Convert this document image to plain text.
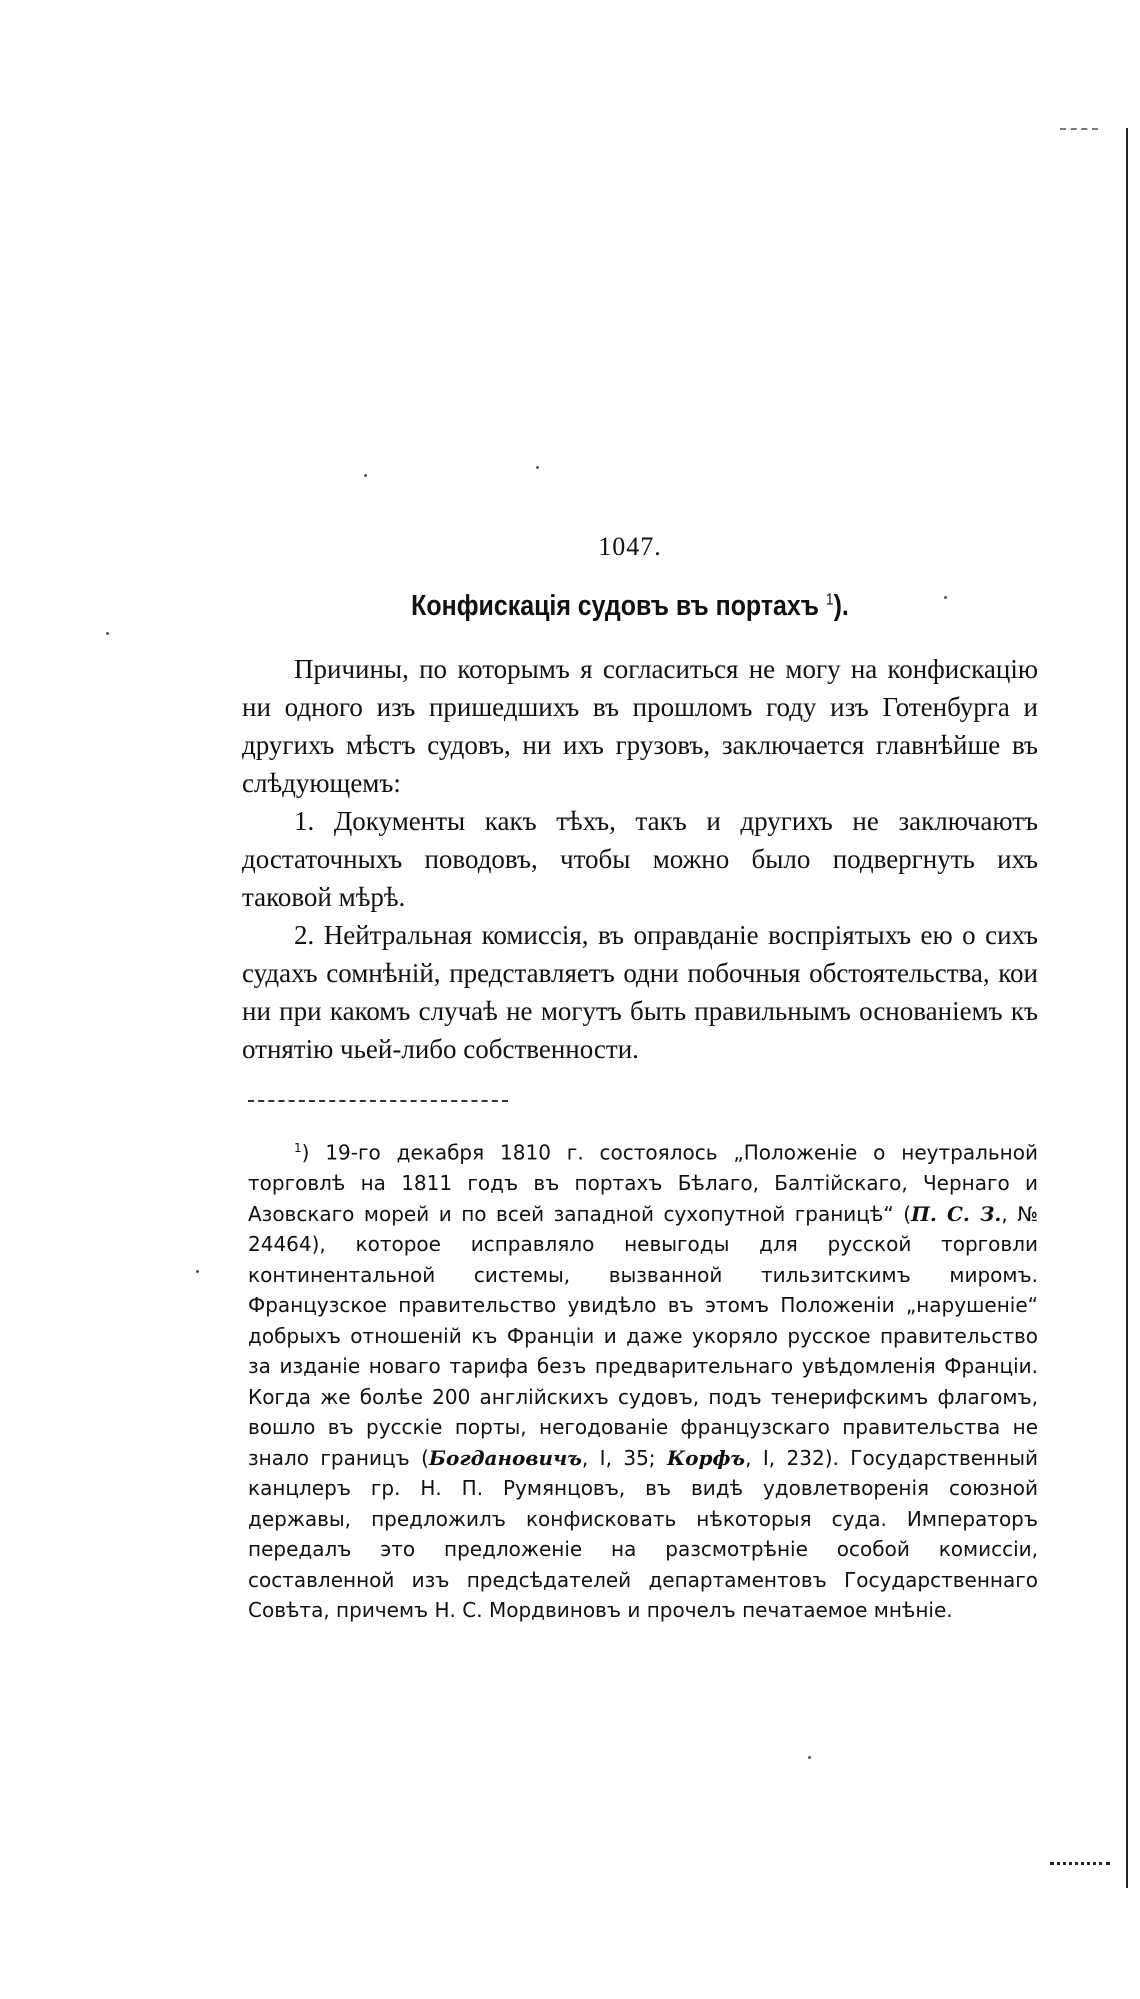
1047.
Конфискація судовъ въ портахъ $^1$).

Причины, по которымъ я согласиться не могу на конфискацію ни одного изъ пришедшихъ въ прошломъ году изъ Готенбурга и другихъ мѣстъ судовъ, ни ихъ грузовъ, заключается главнѣйше въ слѣдующемъ:

1. Документы какъ тѣхъ, такъ и другихъ не заключаютъ достаточныхъ поводовъ, чтобы можно было подвергнуть ихъ таковой мѣрѣ.

2. Нейтральная комиссія, въ оправданіе воспріятыхъ ею о сихъ судахъ сомнѣній, представляетъ одни побочныя обстоятельства, кои ни при какомъ случаѣ не могутъ быть правильнымъ основаніемъ къ отнятію чьей-либо собственности.

$^1$) 19-го декабря 1810 г. состоялось „Положеніе о неутральной торговлѣ на 1811 годъ въ портахъ Бѣлаго, Балтійскаго, Чернаго и Азовскаго морей и по всей западной сухопутной границѣ“ (П. С. З., № 24464), которое исправляло невыгоды для русской торговли континентальной системы, вызванной тильзитскимъ миромъ. Французское правительство увидѣло въ этомъ Положеніи „нарушеніе“ добрыхъ отношеній къ Франціи и даже укоряло русское правительство за изданіе новаго тарифа безъ предварительнаго увѣдомленія Франціи. Когда же болѣе 200 англійскихъ судовъ, подъ тенерифскимъ флагомъ, вошло въ русскіе порты, негодованіе французскаго правительства не знало границъ (Богдановичъ, I, 35; Корфъ, I, 232). Государственный канцлеръ гр. Н. П. Румянцовъ, въ видѣ удовлетворенія союзной державы, предложилъ конфисковать нѣкоторыя суда. Императоръ передалъ это предложеніе на разсмотрѣніе особой комиссіи, составленной изъ предсѣдателей департаментовъ Государственнаго Совѣта, причемъ Н. С. Мордвиновъ и прочелъ печатаемое мнѣніе.
